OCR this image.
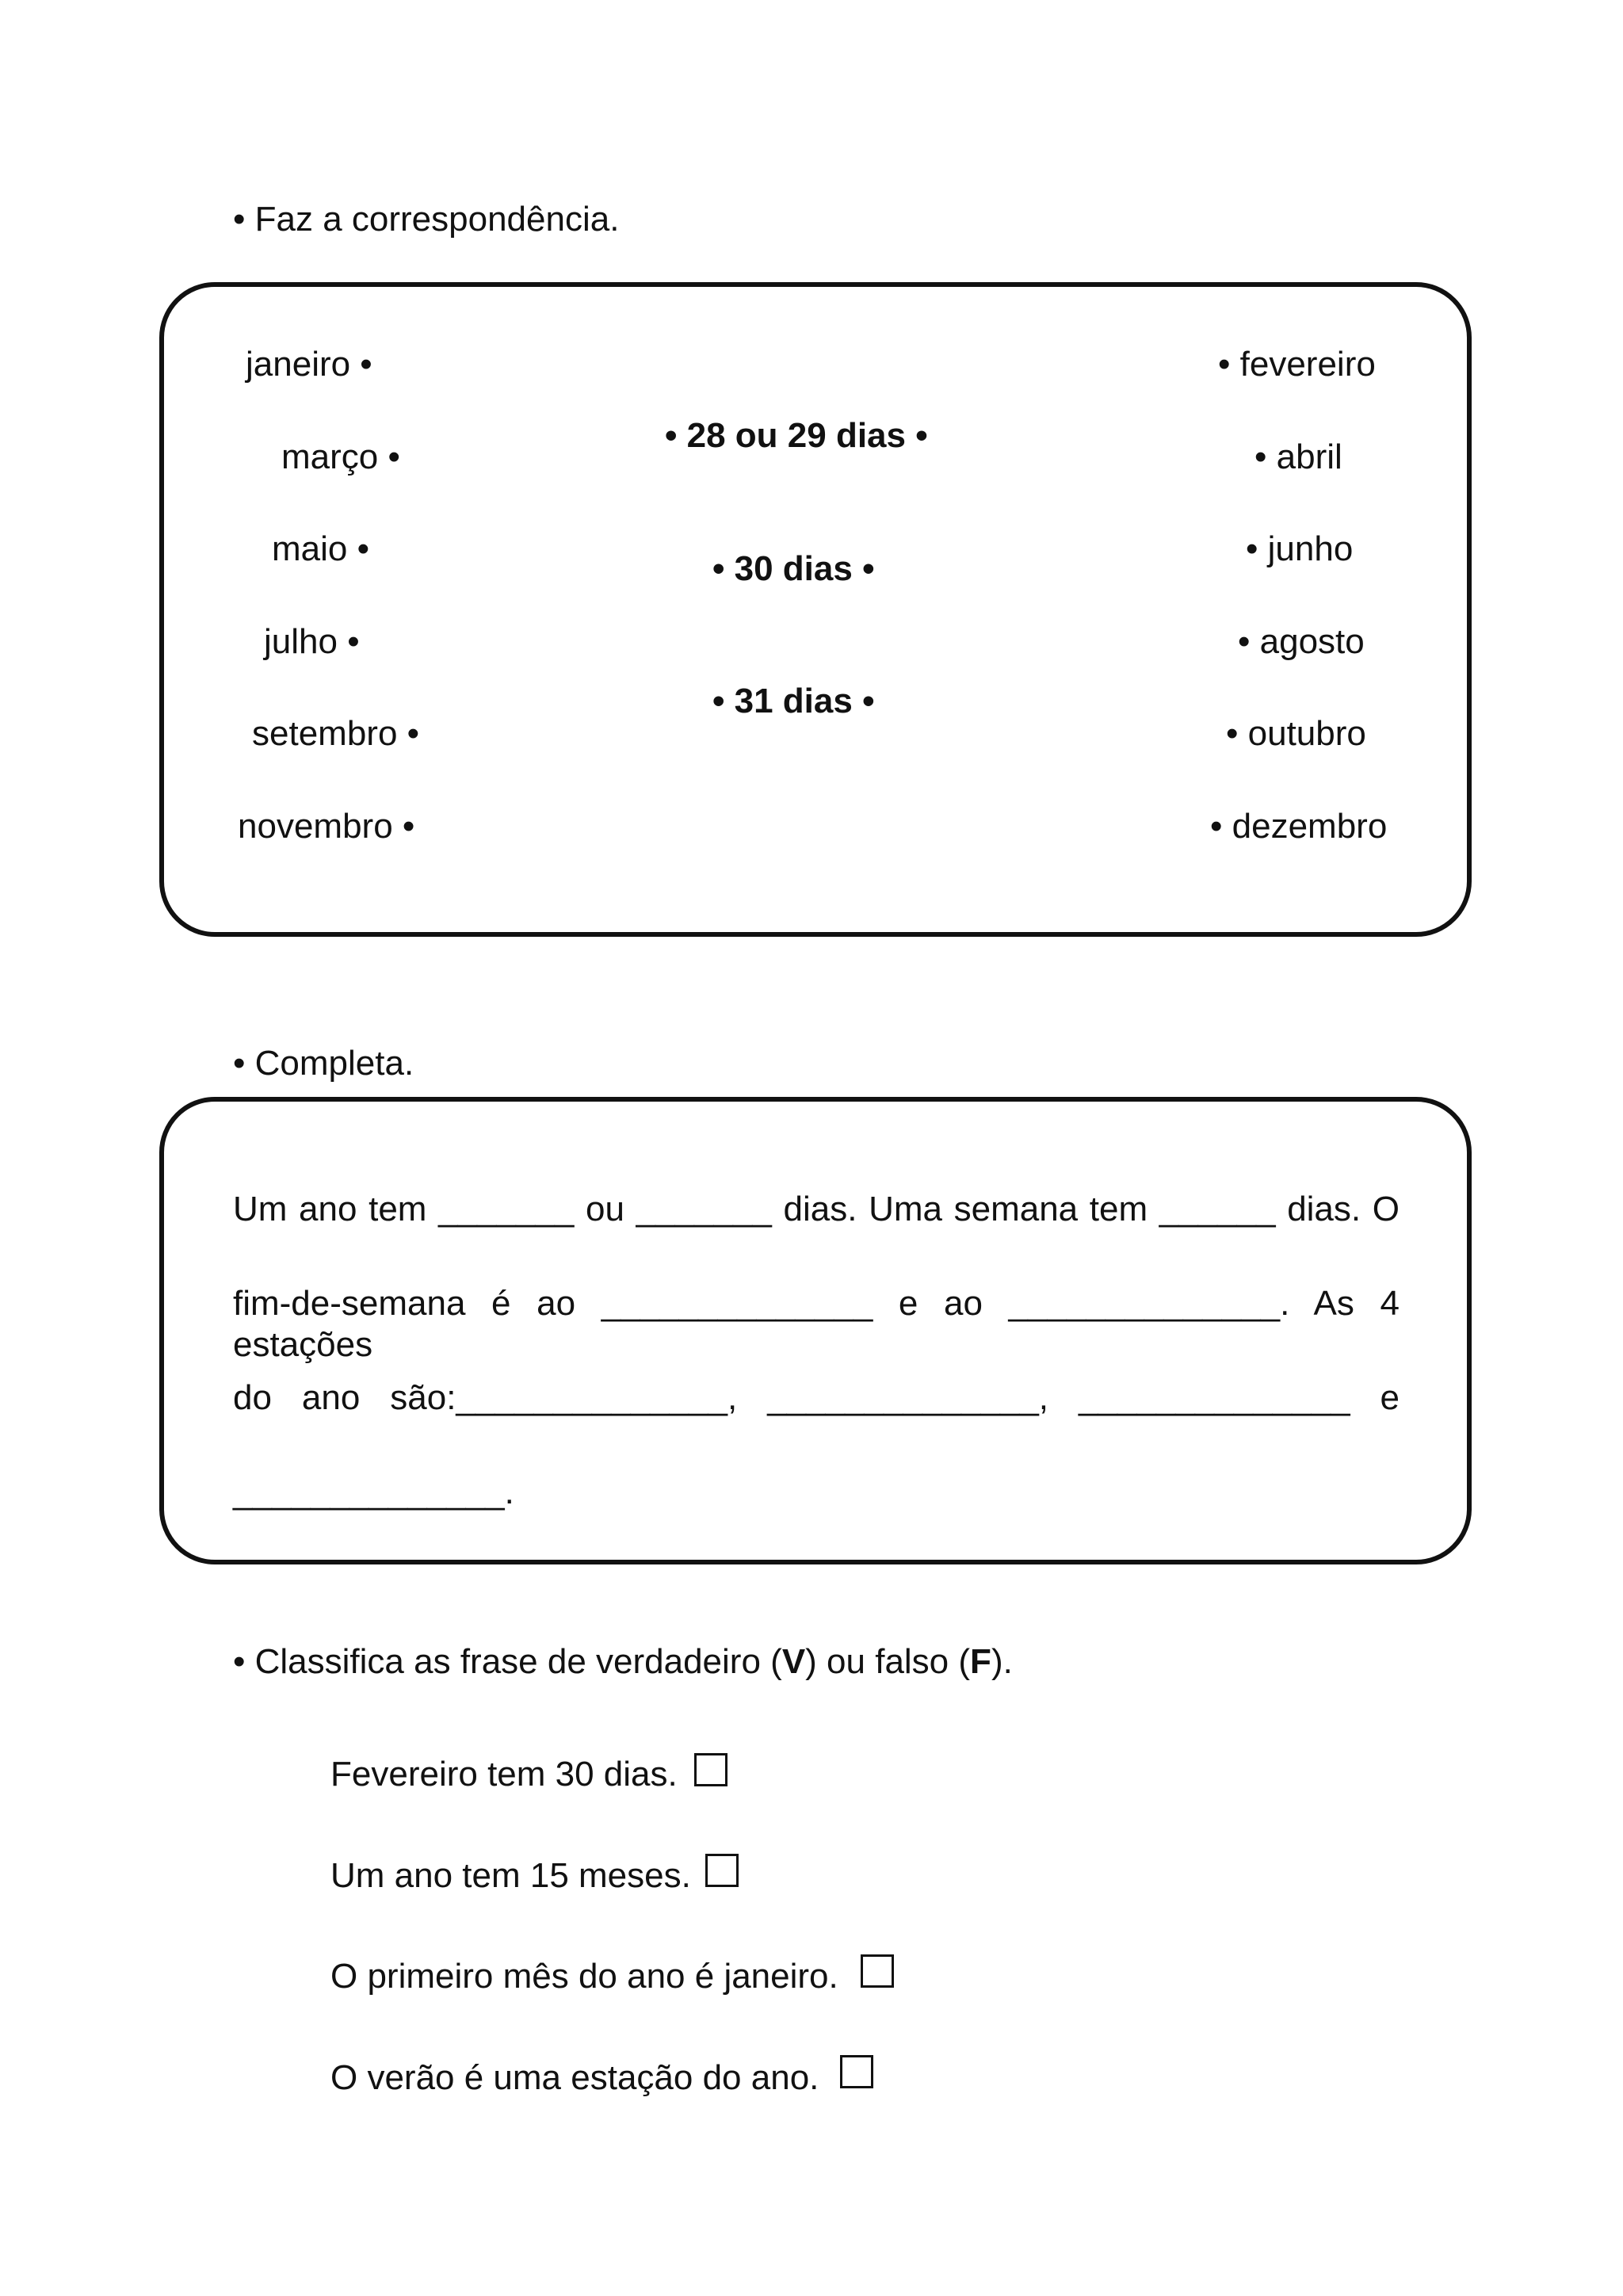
• Faz a correspondência.
janeiro •
março •
maio •
julho •
setembro •
novembro •
• 28 ou 29 dias •
• 30 dias •
• 31 dias •
• fevereiro
• abril
• junho
• agosto
• outubro
• dezembro
• Completa.
Um ano tem _______ ou _______ dias. Uma semana tem ______ dias. O
fim-de-semana é ao ______________ e ao ______________. As 4 estações
do ano são:______________, ______________, ______________ e
______________.
• Classifica as frase de verdadeiro (V) ou falso (F).
Fevereiro tem 30 dias.
Um ano tem 15 meses.
O primeiro mês do ano é janeiro.
O verão é uma estação do ano.
